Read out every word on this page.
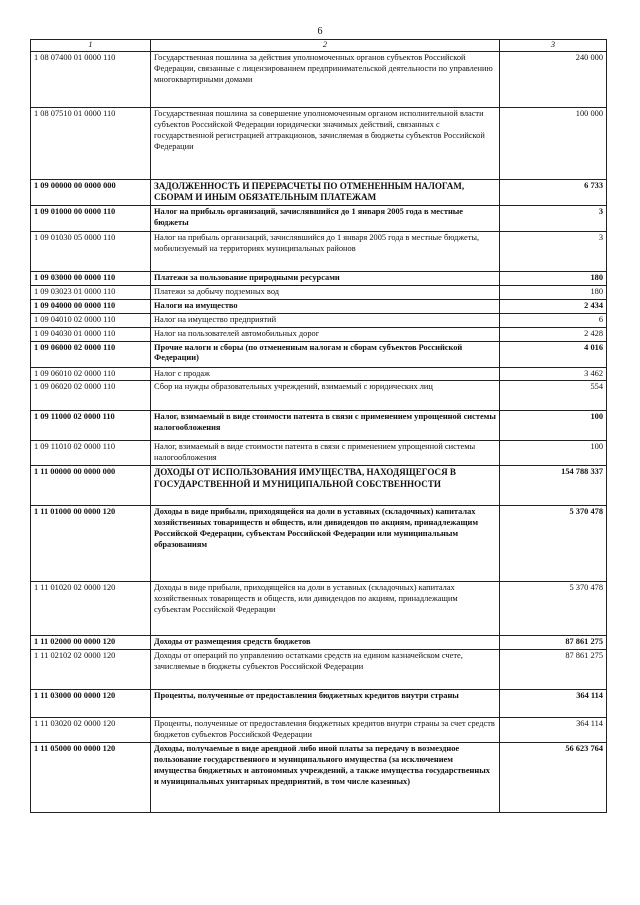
6
1	2	3
1 08 07400 01 0000 110	Государственная пошлина за действия уполномоченных органов субъектов Российской Федерации, связанные с лицензированием предпринимательской деятельности по управлению многоквартирными домами	240 000
1 08 07510 01 0000 110	Государственная пошлина за совершение уполномоченным органом исполнительной власти субъектов Российской Федерации юридически значимых действий, связанных с государственной регистрацией аттракционов, зачисляемая в бюджеты субъектов Российской Федерации	100 000
1 09 00000 00 0000 000	ЗАДОЛЖЕННОСТЬ И ПЕРЕРАСЧЕТЫ ПО ОТМЕНЕННЫМ НАЛОГАМ, СБОРАМ И ИНЫМ ОБЯЗАТЕЛЬНЫМ ПЛАТЕЖАМ	6 733
1 09 01000 00 0000 110	Налог на прибыль организаций, зачислявшийся до 1 января 2005 года в местные бюджеты	3
1 09 01030 05 0000 110	Налог на прибыль организаций, зачислявшийся до 1 января 2005 года в местные бюджеты, мобилизуемый на территориях муниципальных районов	3
1 09 03000 00 0000 110	Платежи за пользование природными ресурсами	180
1 09 03023 01 0000 110	Платежи за добычу подземных вод	180
1 09 04000 00 0000 110	Налоги на имущество	2 434
1 09 04010 02 0000 110	Налог на имущество предприятий	6
1 09 04030 01 0000 110	Налог на пользователей автомобильных дорог	2 428
1 09 06000 02 0000 110	Прочие налоги и сборы (по отмененным налогам и сборам субъектов Российской Федерации)	4 016
1 09 06010 02 0000 110	Налог с продаж	3 462
1 09 06020 02 0000 110	Сбор на нужды образовательных учреждений, взимаемый с юридических лиц	554
1 09 11000 02 0000 110	Налог, взимаемый в виде стоимости патента в связи с применением упрощенной системы налогообложения	100
1 09 11010 02 0000 110	Налог, взимаемый в виде стоимости патента в связи с применением упрощенной системы налогообложения	100
1 11 00000 00 0000 000	ДОХОДЫ ОТ ИСПОЛЬЗОВАНИЯ ИМУЩЕСТВА, НАХОДЯЩЕГОСЯ В ГОСУДАРСТВЕННОЙ И МУНИЦИПАЛЬНОЙ СОБСТВЕННОСТИ	154 788 337
1 11 01000 00 0000 120	Доходы в виде прибыли, приходящейся на доли в уставных (складочных) капиталах хозяйственных товариществ и обществ, или дивидендов по акциям, принадлежащим Российской Федерации, субъектам Российской Федерации или муниципальным образованиям	5 370 478
1 11 01020 02 0000 120	Доходы в виде прибыли, приходящейся на доли в уставных (складочных) капиталах хозяйственных товариществ и обществ, или дивидендов по акциям, принадлежащим субъектам Российской Федерации	5 370 478
1 11 02000 00 0000 120	Доходы от размещения средств бюджетов	87 861 275
1 11 02102 02 0000 120	Доходы от операций по управлению остатками средств на едином казначейском счете, зачисляемые в бюджеты субъектов Российской Федерации	87 861 275
1 11 03000 00 0000 120	Проценты, полученные от предоставления бюджетных кредитов внутри страны	364 114
1 11 03020 02 0000 120	Проценты, полученные от предоставления бюджетных кредитов внутри страны за счет средств бюджетов субъектов Российской Федерации	364 114
1 11 05000 00 0000 120	Доходы, получаемые в виде арендной либо иной платы за передачу в возмездное пользование государственного и муниципального имущества (за исключением имущества бюджетных и автономных учреждений, а также имущества государственных и муниципальных унитарных предприятий, в том числе казенных)	56 623 764
